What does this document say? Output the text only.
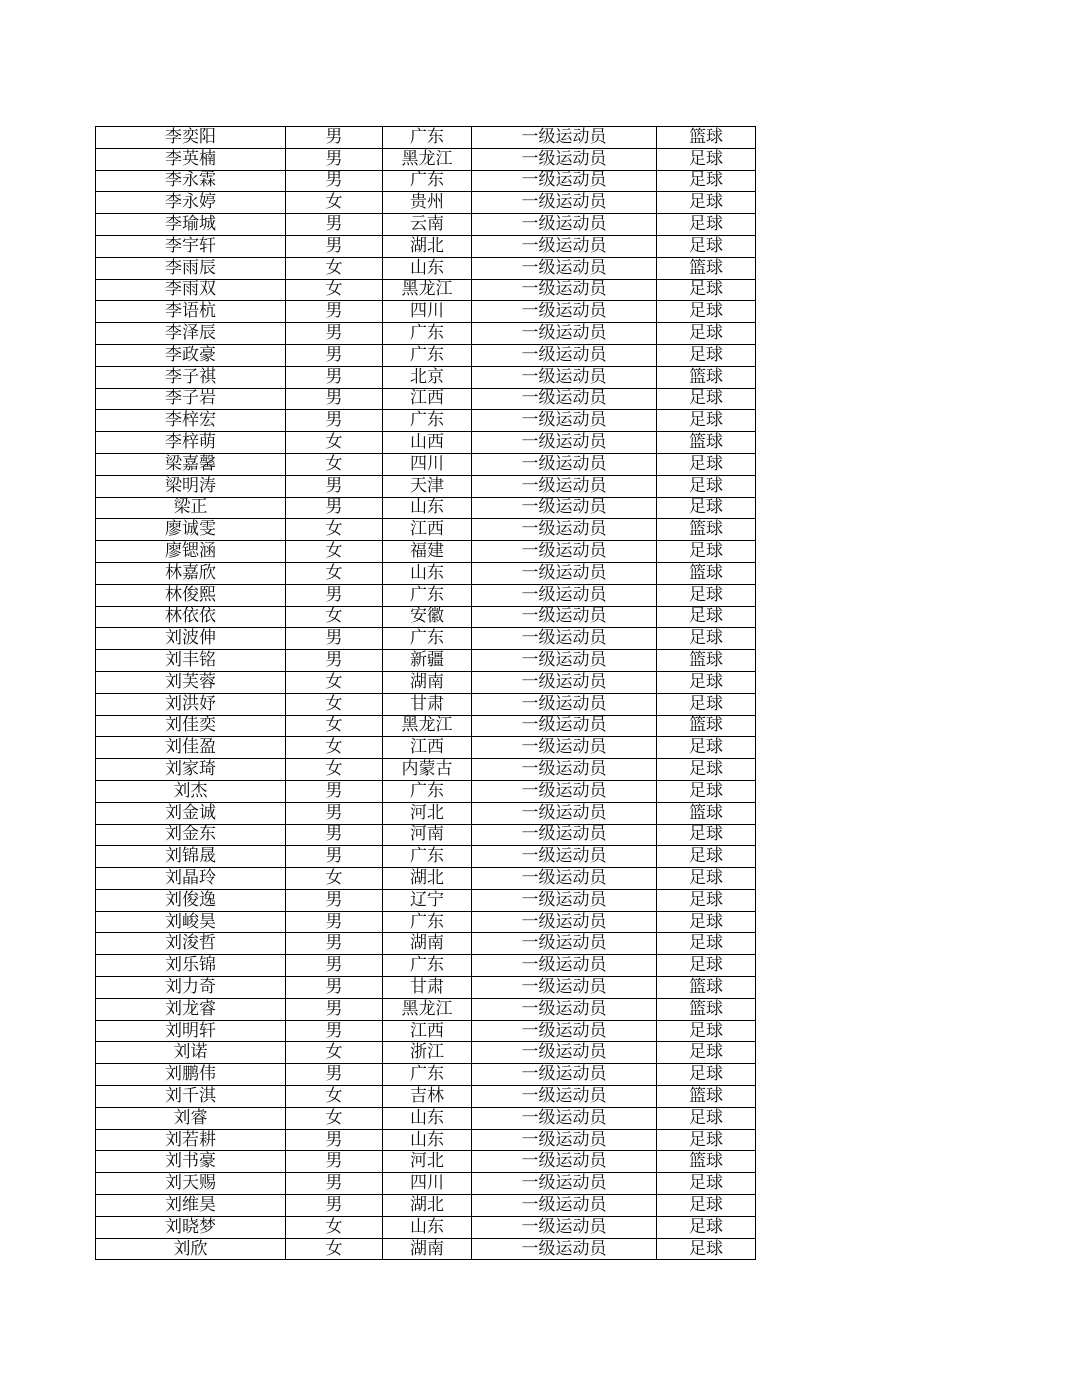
李奕阳	男	广东	一级运动员	篮球
李英楠	男	黑龙江	一级运动员	足球
李永霖	男	广东	一级运动员	足球
李永婷	女	贵州	一级运动员	足球
李瑜城	男	云南	一级运动员	足球
李宇轩	男	湖北	一级运动员	足球
李雨辰	女	山东	一级运动员	篮球
李雨双	女	黑龙江	一级运动员	足球
李语杭	男	四川	一级运动员	足球
李泽辰	男	广东	一级运动员	足球
李政豪	男	广东	一级运动员	足球
李子祺	男	北京	一级运动员	篮球
李子岩	男	江西	一级运动员	足球
李梓宏	男	广东	一级运动员	足球
李梓萌	女	山西	一级运动员	篮球
梁嘉馨	女	四川	一级运动员	足球
梁明涛	男	天津	一级运动员	足球
梁正	男	山东	一级运动员	足球
廖诚雯	女	江西	一级运动员	篮球
廖锶涵	女	福建	一级运动员	足球
林嘉欣	女	山东	一级运动员	篮球
林俊熙	男	广东	一级运动员	足球
林依依	女	安徽	一级运动员	足球
刘波伸	男	广东	一级运动员	足球
刘丰铭	男	新疆	一级运动员	篮球
刘芙蓉	女	湖南	一级运动员	足球
刘洪妤	女	甘肃	一级运动员	足球
刘佳奕	女	黑龙江	一级运动员	篮球
刘佳盈	女	江西	一级运动员	足球
刘家琦	女	内蒙古	一级运动员	足球
刘杰	男	广东	一级运动员	足球
刘金诚	男	河北	一级运动员	篮球
刘金东	男	河南	一级运动员	足球
刘锦晟	男	广东	一级运动员	足球
刘晶玲	女	湖北	一级运动员	足球
刘俊逸	男	辽宁	一级运动员	足球
刘峻昊	男	广东	一级运动员	足球
刘浚哲	男	湖南	一级运动员	足球
刘乐锦	男	广东	一级运动员	足球
刘力奇	男	甘肃	一级运动员	篮球
刘龙睿	男	黑龙江	一级运动员	篮球
刘明轩	男	江西	一级运动员	足球
刘诺	女	浙江	一级运动员	足球
刘鹏伟	男	广东	一级运动员	足球
刘千淇	女	吉林	一级运动员	篮球
刘睿	女	山东	一级运动员	足球
刘若耕	男	山东	一级运动员	足球
刘书豪	男	河北	一级运动员	篮球
刘天赐	男	四川	一级运动员	足球
刘维昊	男	湖北	一级运动员	足球
刘晓梦	女	山东	一级运动员	足球
刘欣	女	湖南	一级运动员	足球
